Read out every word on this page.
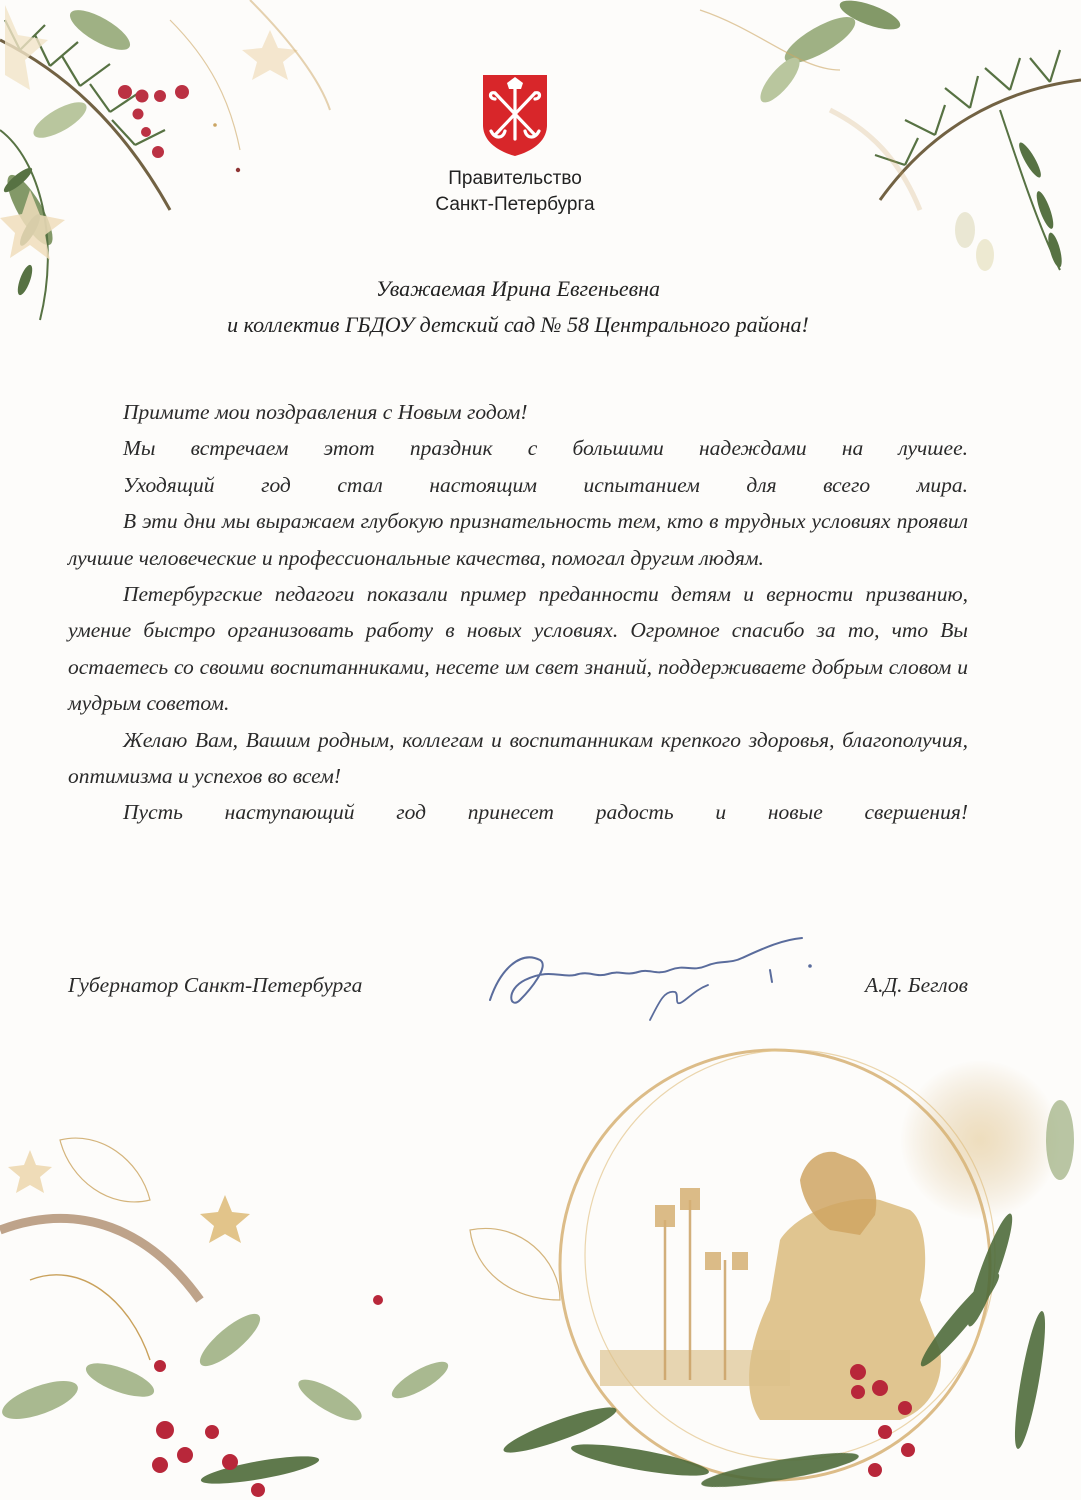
Правительство
Санкт-Петербурга
Уважаемая Ирина Евгеньевна
и коллектив ГБДОУ детский сад № 58 Центрального района!

Примите мои поздравления с Новым годом!

Мы встречаем этот праздник с большими надеждами на лучшее.

Уходящий год стал настоящим испытанием для всего мира.

В эти дни мы выражаем глубокую признательность тем, кто в трудных условиях проявил лучшие человеческие и профессиональные качества, помогал другим людям.

Петербургские педагоги показали пример преданности детям и верности призванию, умение быстро организовать работу в новых условиях. Огромное спасибо за то, что Вы остаетесь со своими воспитанниками, несете им свет знаний, поддерживаете добрым словом и мудрым советом.

Желаю Вам, Вашим родным, коллегам и воспитанникам крепкого здоровья, благополучия, оптимизма и успехов во всем!

Пусть наступающий год принесет радость и новые свершения!

Губернатор Санкт-Петербурга	А.Д. Беглов
